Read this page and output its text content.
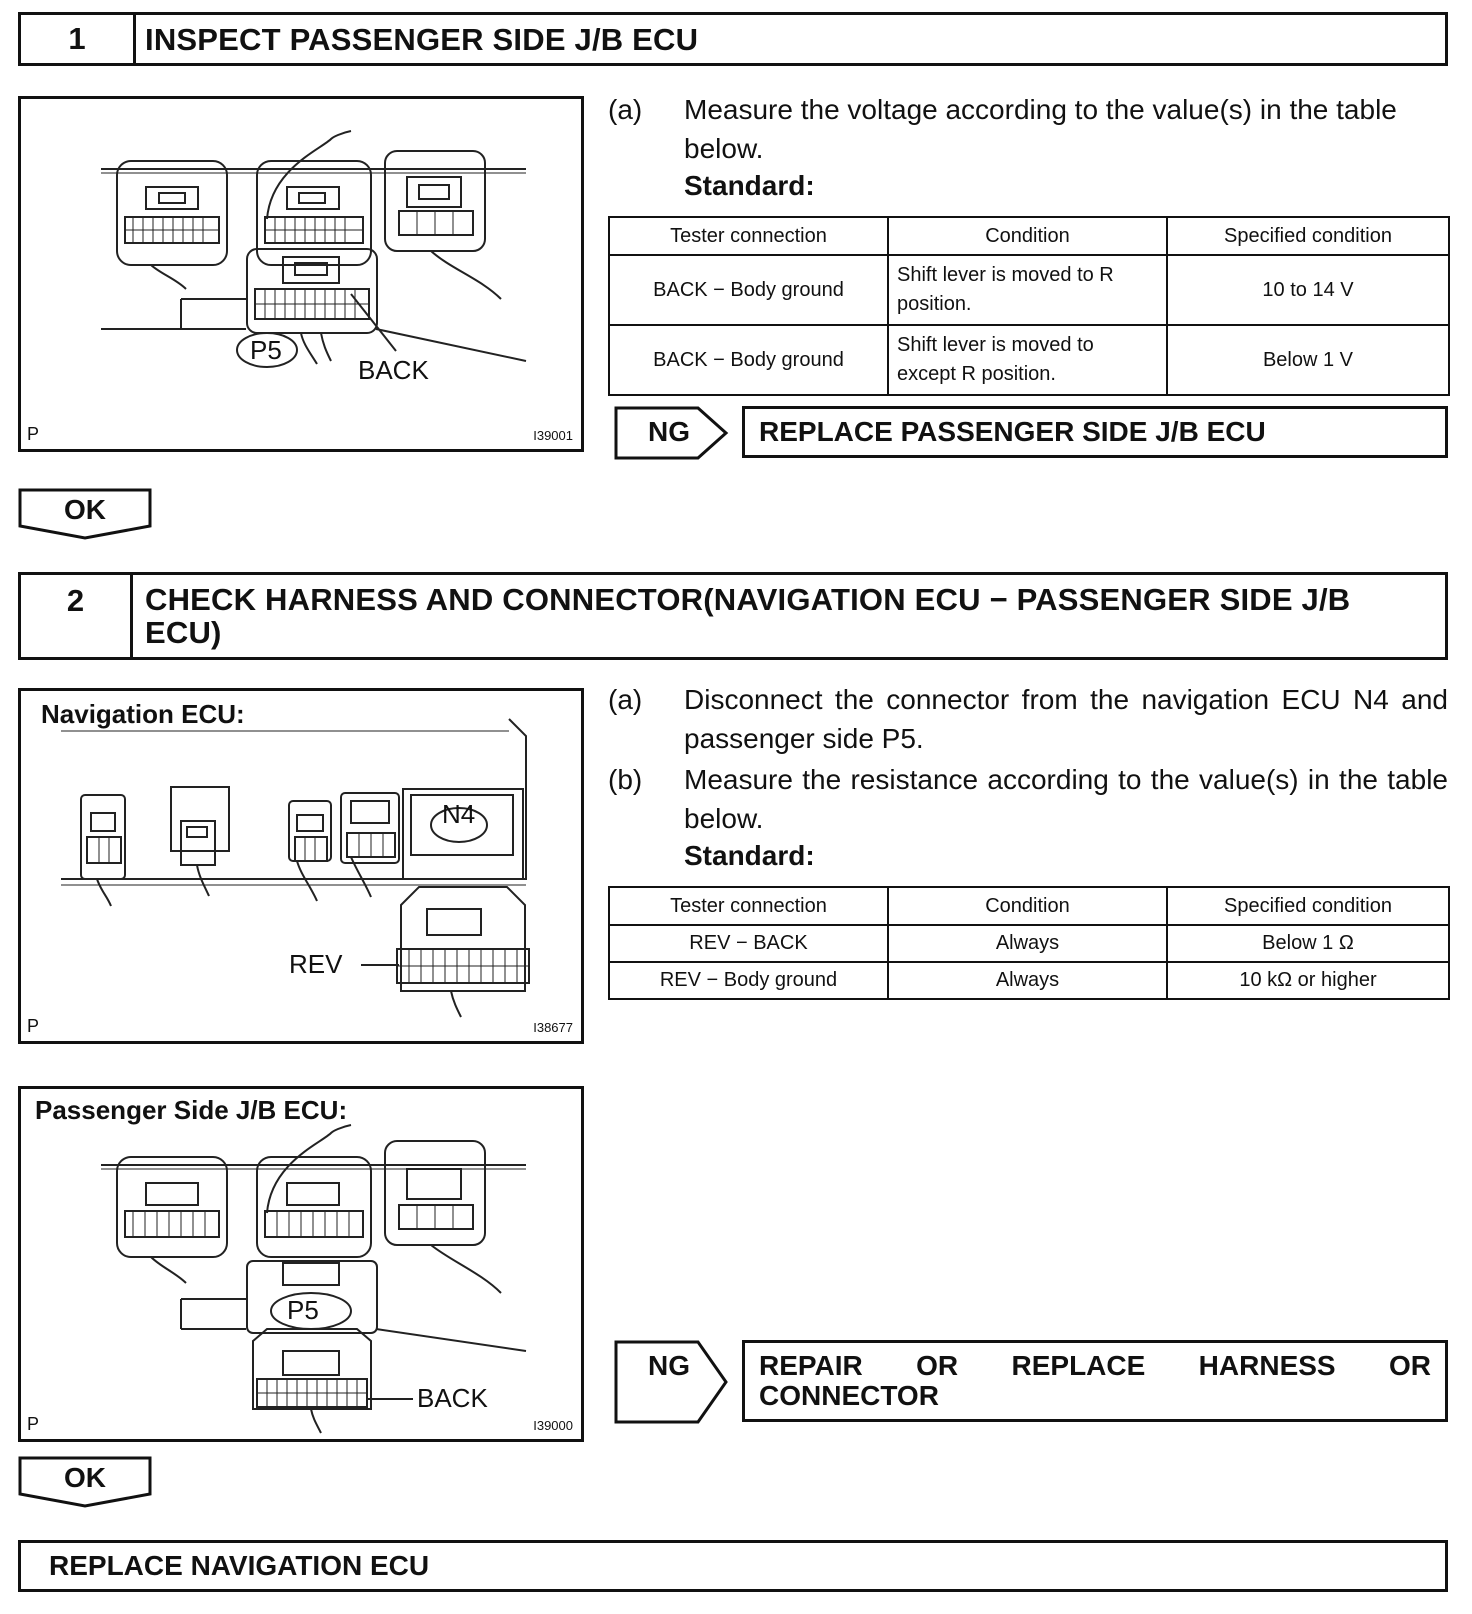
1	INSPECT PASSENGER SIDE J/B ECU
P5
BACK
P	I39001
(a) Measure the voltage according to the value(s) in the table below.
Standard:
Tester connection	Condition	Specified condition
BACK − Body ground	Shift lever is moved to R position.	10 to 14 V
BACK − Body ground	Shift lever is moved to except R position.	Below 1 V
NG	REPLACE PASSENGER SIDE J/B ECU
OK
2	CHECK HARNESS AND CONNECTOR(NAVIGATION ECU − PASSENGER SIDE J/B ECU)
Navigation ECU:
N4
REV
P	I38677
(a) Disconnect the connector from the navigation ECU N4 and passenger side P5.
(b) Measure the resistance according to the value(s) in the table below.
Standard:
Tester connection	Condition	Specified condition
REV − BACK	Always	Below 1 Ω
REV − Body ground	Always	10 kΩ or higher
Passenger Side J/B ECU:
P5
BACK
P	I39000
NG	REPAIR OR REPLACE HARNESS OR CONNECTOR
OK
REPLACE NAVIGATION ECU
